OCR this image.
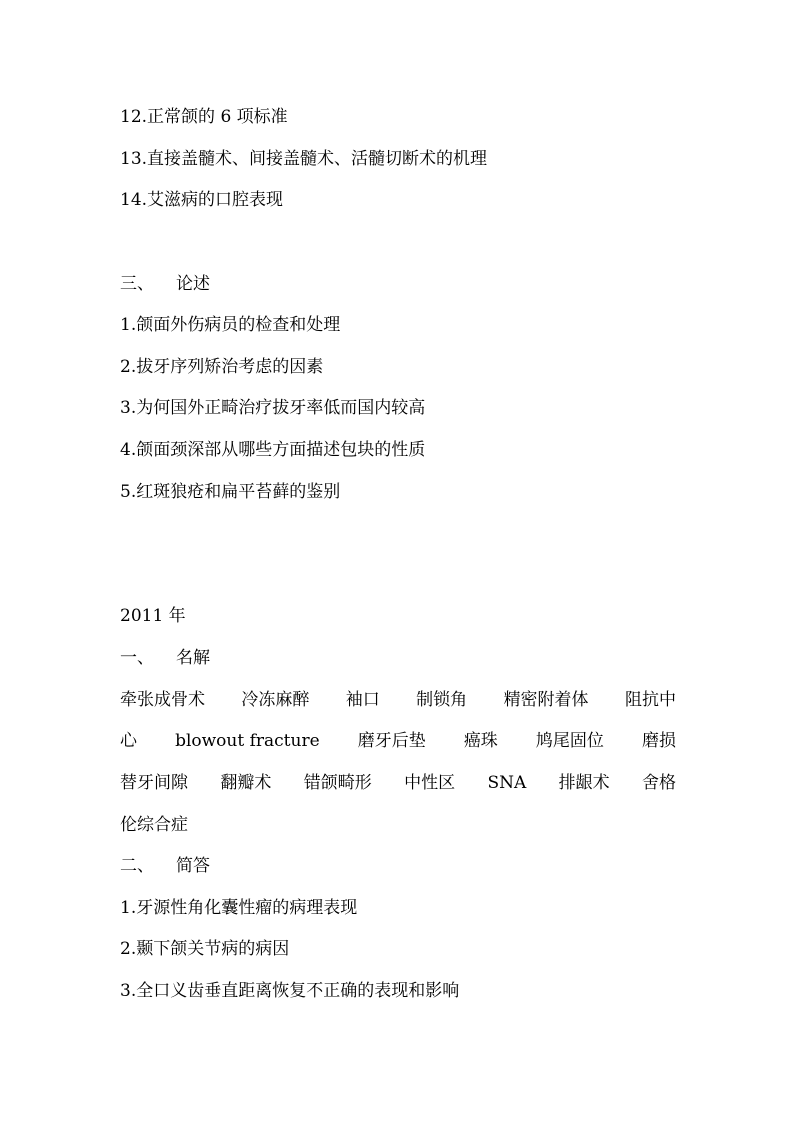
12.正常颌的 6 项标准
13.直接盖髓术、间接盖髓术、活髓切断术的机理
14.艾滋病的口腔表现
三、 论述
1.颌面外伤病员的检查和处理
2.拔牙序列矫治考虑的因素
3.为何国外正畸治疗拔牙率低而国内较高
4.颌面颈深部从哪些方面描述包块的性质
5.红斑狼疮和扁平苔藓的鉴别
2011 年
一、 名解
牵张成骨术 冷冻麻醉 袖口 制锁角 精密附着体 阻抗中
心 blowout fracture 磨牙后垫 癌珠 鸠尾固位 磨损
替牙间隙 翻瓣术 错颌畸形 中性区 SNA 排龈术 舍格
伦综合症
二、 简答
1.牙源性角化囊性瘤的病理表现
2.颞下颌关节病的病因
3.全口义齿垂直距离恢复不正确的表现和影响
